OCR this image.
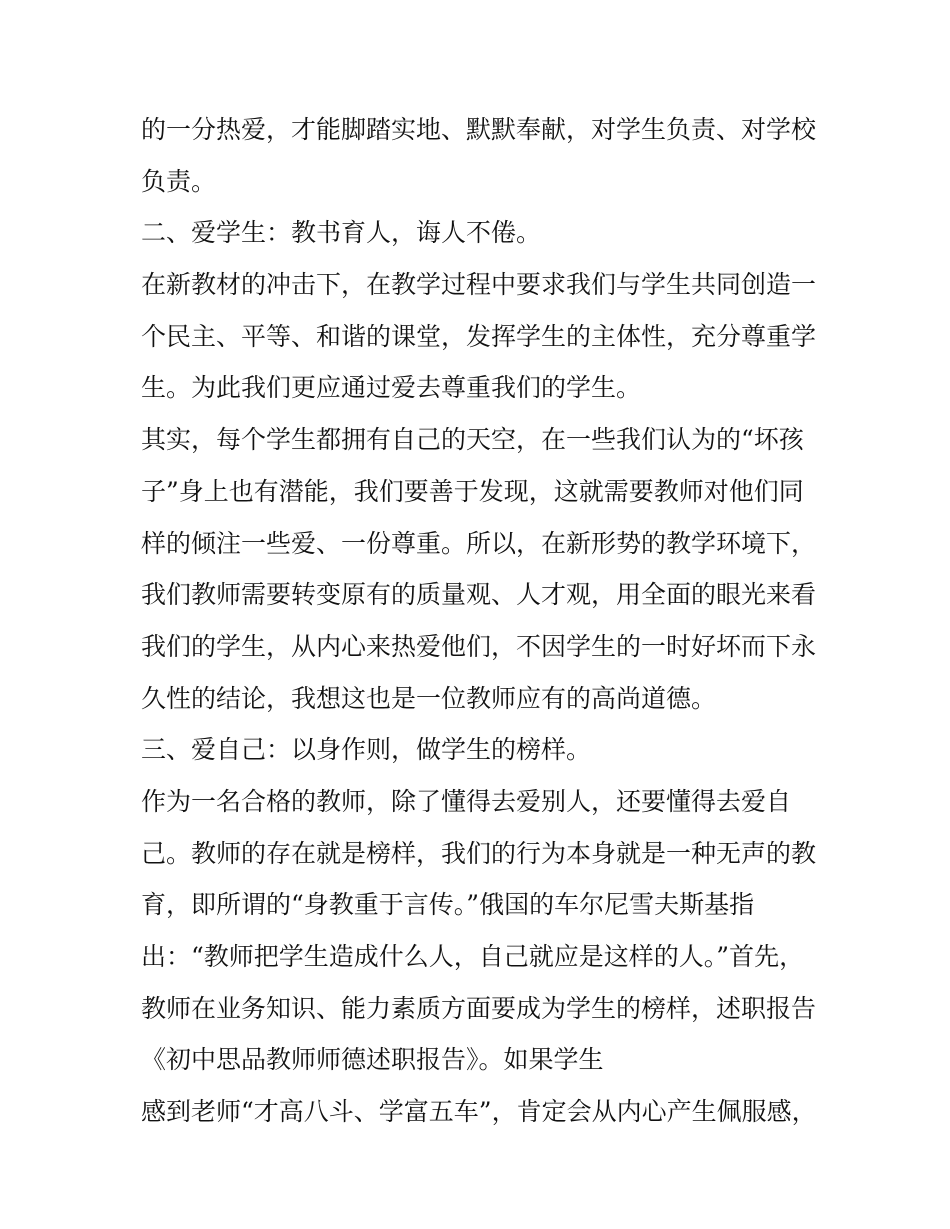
的一分热爱，才能脚踏实地、默默奉献，对学生负责、对学校
负责。
二、爱学生：教书育人，诲人不倦。
在新教材的冲击下，在教学过程中要求我们与学生共同创造一
个民主、平等、和谐的课堂，发挥学生的主体性，充分尊重学
生。为此我们更应通过爱去尊重我们的学生。
其实，每个学生都拥有自己的天空，在一些我们认为的“坏孩
子”身上也有潜能，我们要善于发现，这就需要教师对他们同
样的倾注一些爱、一份尊重。所以，在新形势的教学环境下，
我们教师需要转变原有的质量观、人才观，用全面的眼光来看
我们的学生，从内心来热爱他们，不因学生的一时好坏而下永
久性的结论，我想这也是一位教师应有的高尚道德。
三、爱自己：以身作则，做学生的榜样。
作为一名合格的教师，除了懂得去爱别人，还要懂得去爱自
己。教师的存在就是榜样，我们的行为本身就是一种无声的教
育，即所谓的“身教重于言传。”俄国的车尔尼雪夫斯基指
出：“教师把学生造成什么人，自己就应是这样的人。”首先，
教师在业务知识、能力素质方面要成为学生的榜样，述职报告
《初中思品教师师德述职报告》。如果学生
感到老师“才高八斗、学富五车”，肯定会从内心产生佩服感，
